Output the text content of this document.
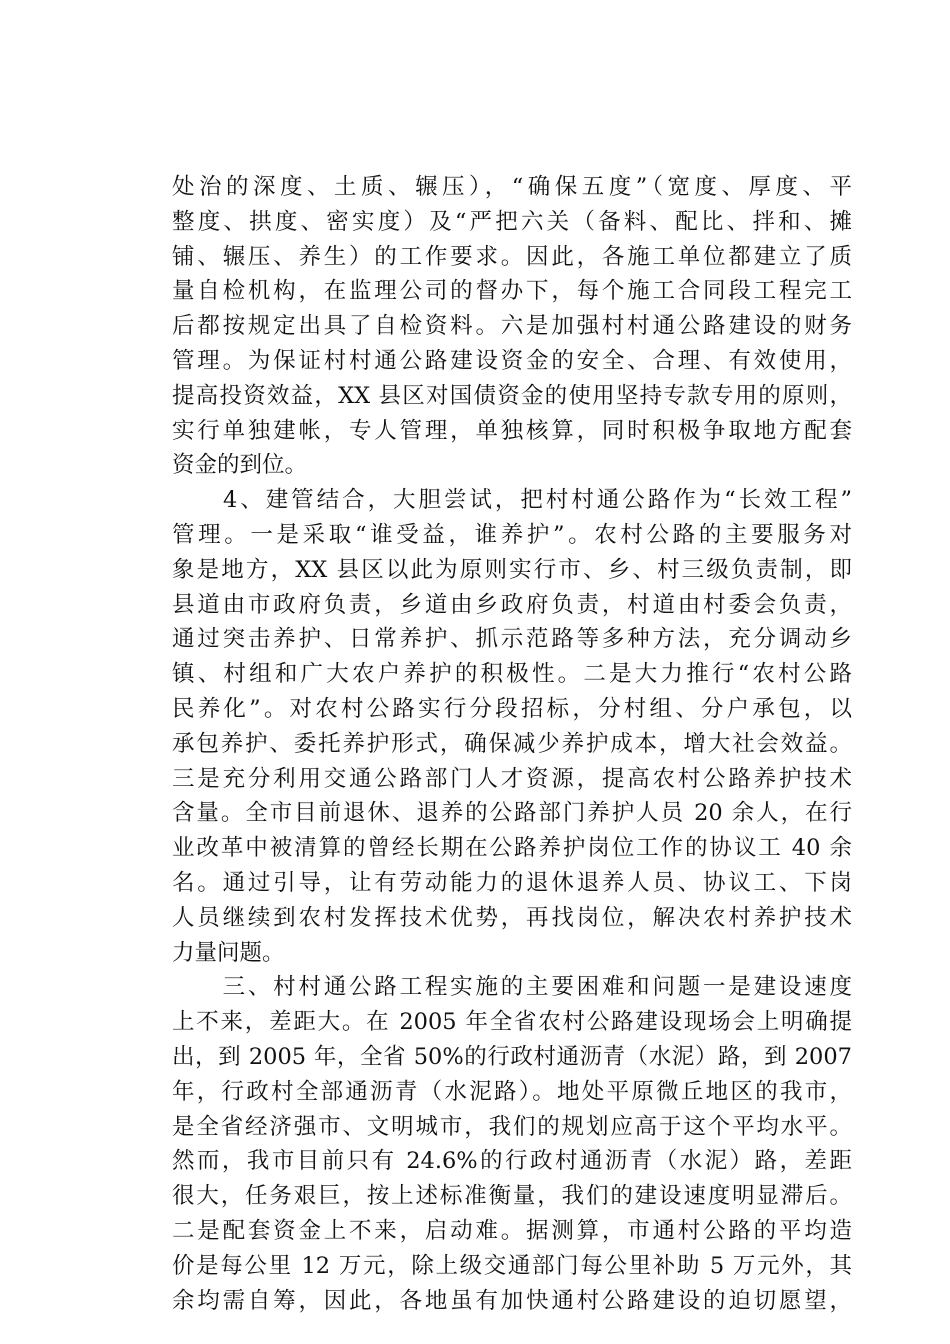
处治的深度、土质、辗压），“确保五度”（宽度、厚度、平
整度、拱度、密实度）及“严把六关（备料、配比、拌和、摊
铺、辗压、养生）的工作要求。因此，各施工单位都建立了质
量自检机构，在监理公司的督办下，每个施工合同段工程完工
后都按规定出具了自检资料。六是加强村村通公路建设的财务
管理。为保证村村通公路建设资金的安全、合理、有效使用，
提高投资效益，XX 县区对国债资金的使用坚持专款专用的原则，
实行单独建帐，专人管理，单独核算，同时积极争取地方配套
资金的到位。
　　4、建管结合，大胆尝试，把村村通公路作为“长效工程”
管理。一是采取“谁受益，谁养护”。农村公路的主要服务对
象是地方，XX 县区以此为原则实行市、乡、村三级负责制，即
县道由市政府负责，乡道由乡政府负责，村道由村委会负责，
通过突击养护、日常养护、抓示范路等多种方法，充分调动乡
镇、村组和广大农户养护的积极性。二是大力推行“农村公路
民养化”。对农村公路实行分段招标，分村组、分户承包，以
承包养护、委托养护形式，确保减少养护成本，增大社会效益。
三是充分利用交通公路部门人才资源，提高农村公路养护技术
含量。全市目前退休、退养的公路部门养护人员 20 余人，在行
业改革中被清算的曾经长期在公路养护岗位工作的协议工 40 余
名。通过引导，让有劳动能力的退休退养人员、协议工、下岗
人员继续到农村发挥技术优势，再找岗位，解决农村养护技术
力量问题。
　　三、村村通公路工程实施的主要困难和问题一是建设速度
上不来，差距大。在 2005 年全省农村公路建设现场会上明确提
出，到 2005 年，全省 50%的行政村通沥青（水泥）路，到 2007
年，行政村全部通沥青（水泥路）。地处平原微丘地区的我市，
是全省经济强市、文明城市，我们的规划应高于这个平均水平。
然而，我市目前只有 24.6%的行政村通沥青（水泥）路，差距
很大，任务艰巨，按上述标准衡量，我们的建设速度明显滞后。
二是配套资金上不来，启动难。据测算，市通村公路的平均造
价是每公里 12 万元，除上级交通部门每公里补助 5 万元外，其
余均需自筹，因此，各地虽有加快通村公路建设的迫切愿望，
